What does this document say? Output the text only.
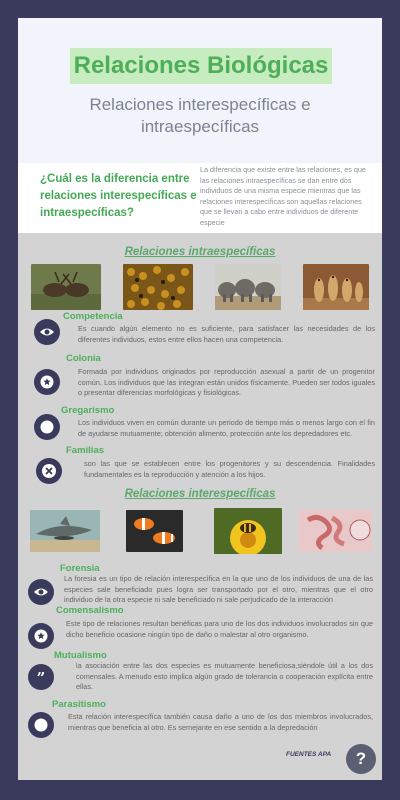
Relaciones Biológicas
Relaciones interespecíficas e intraespecíficas
¿Cuál es la diferencia entre relaciones interespecíficas e intraespecíficas?
La diferencia que existe entre las relaciones, es que las relaciones intraespecíficas se dan entre dos individuos de una misma especie mientras que las relaciones interespecíficas son aquellas relaciones que se llevan a cabo entre individuos de diferente especie
Relaciones intraespecíficas
Competencia
Es cuando algún elemento no es suficiente, para satisfacer las necesidades de los diferentes individuos, estos entre ellos hacen una competencia.
Colonia
Formada por individuos originados por reproducción asexual a partir de un progenitor común. Los individuos que las integran están unidos físicamente. Pueden ser todos iguales o presentar diferencias morfológicas y fisiológicas.
Gregarismo
Los individuos viven en común durante un periodo de tiempo más o menos largo con el fin de ayudarse mutuamente; obtención alimento, protección ante los depredadores etc.
Familias
son las que se establecen entre los progenitores y su descendencia. Finalidades fundamentales es la reproducción y atención a los hijos.
Relaciones interespecíficas
Forensia
La foresia es un tipo de relación interespecífica en la que uno de los individuos de una de las especies sale beneficiado pues logra ser transportado por el otro, mientras que el otro individuo de la otra especie ni sale beneficiado ni sale perjudicado de la interacción
Comensalismo
Este tipo de relaciones resultan benéficas para uno de los dos individuos involucrados sin que dicho beneficio ocasione ningún tipo de daño o malestar al otro organismo.
Mutualismo
”
la asociación entre las dos especies es mutuamente beneficiosa,siéndole útil a los dos comensales. A menudo esto implica algún grado de tolerancia o cooperación explícita entre ellas.
Parasitismo
Esta relación interespecífica también causa daño a uno de los dos miembros involucrados, mientras que beneficia al otro. Es semejante en ese sentido a la depredación
FUENTES APA	?
